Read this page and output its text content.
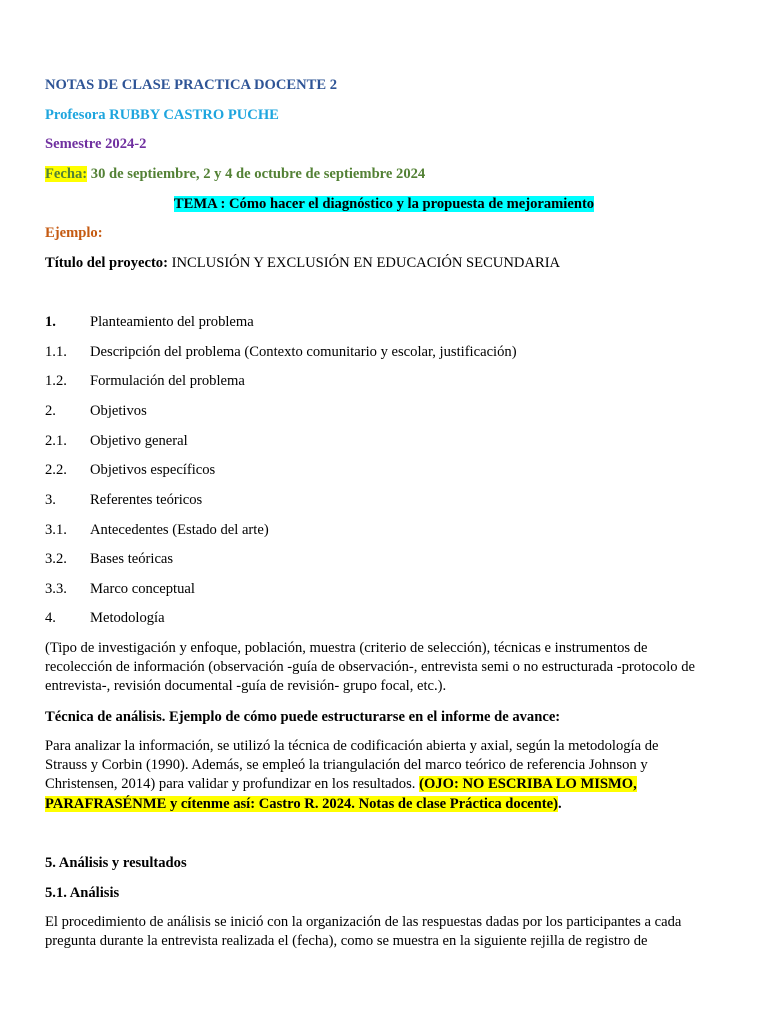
NOTAS DE CLASE PRACTICA DOCENTE 2
Profesora RUBBY CASTRO PUCHE
Semestre 2024-2
Fecha: 30 de septiembre, 2 y 4 de octubre de septiembre 2024
TEMA : Cómo hacer el diagnóstico y la propuesta de mejoramiento
Ejemplo:
Título del proyecto: INCLUSIÓN Y EXCLUSIÓN EN EDUCACIÓN SECUNDARIA
1. Planteamiento del problema
1.1. Descripción del problema (Contexto comunitario y escolar, justificación)
1.2. Formulación del problema
2. Objetivos
2.1. Objetivo general
2.2. Objetivos específicos
3. Referentes teóricos
3.1. Antecedentes (Estado del arte)
3.2. Bases teóricas
3.3. Marco conceptual
4. Metodología
(Tipo de investigación y enfoque, población, muestra (criterio de selección), técnicas e instrumentos de
recolección de información (observación -guía de observación-, entrevista semi o no estructurada -protocolo de
entrevista-, revisión documental -guía de revisión- grupo focal, etc.).
Técnica de análisis. Ejemplo de cómo puede estructurarse en el informe de avance:
Para analizar la información, se utilizó la técnica de codificación abierta y axial, según la metodología de
Strauss y Corbin (1990). Además, se empleó la triangulación del marco teórico de referencia Johnson y
Christensen, 2014) para validar y profundizar en los resultados. (OJO: NO ESCRIBA LO MISMO,
PARAFRASÉNME y cítenme así: Castro R. 2024. Notas de clase Práctica docente).
5. Análisis y resultados
5.1. Análisis
El procedimiento de análisis se inició con la organización de las respuestas dadas por los participantes a cada
pregunta durante la entrevista realizada el (fecha), como se muestra en la siguiente rejilla de registro de
